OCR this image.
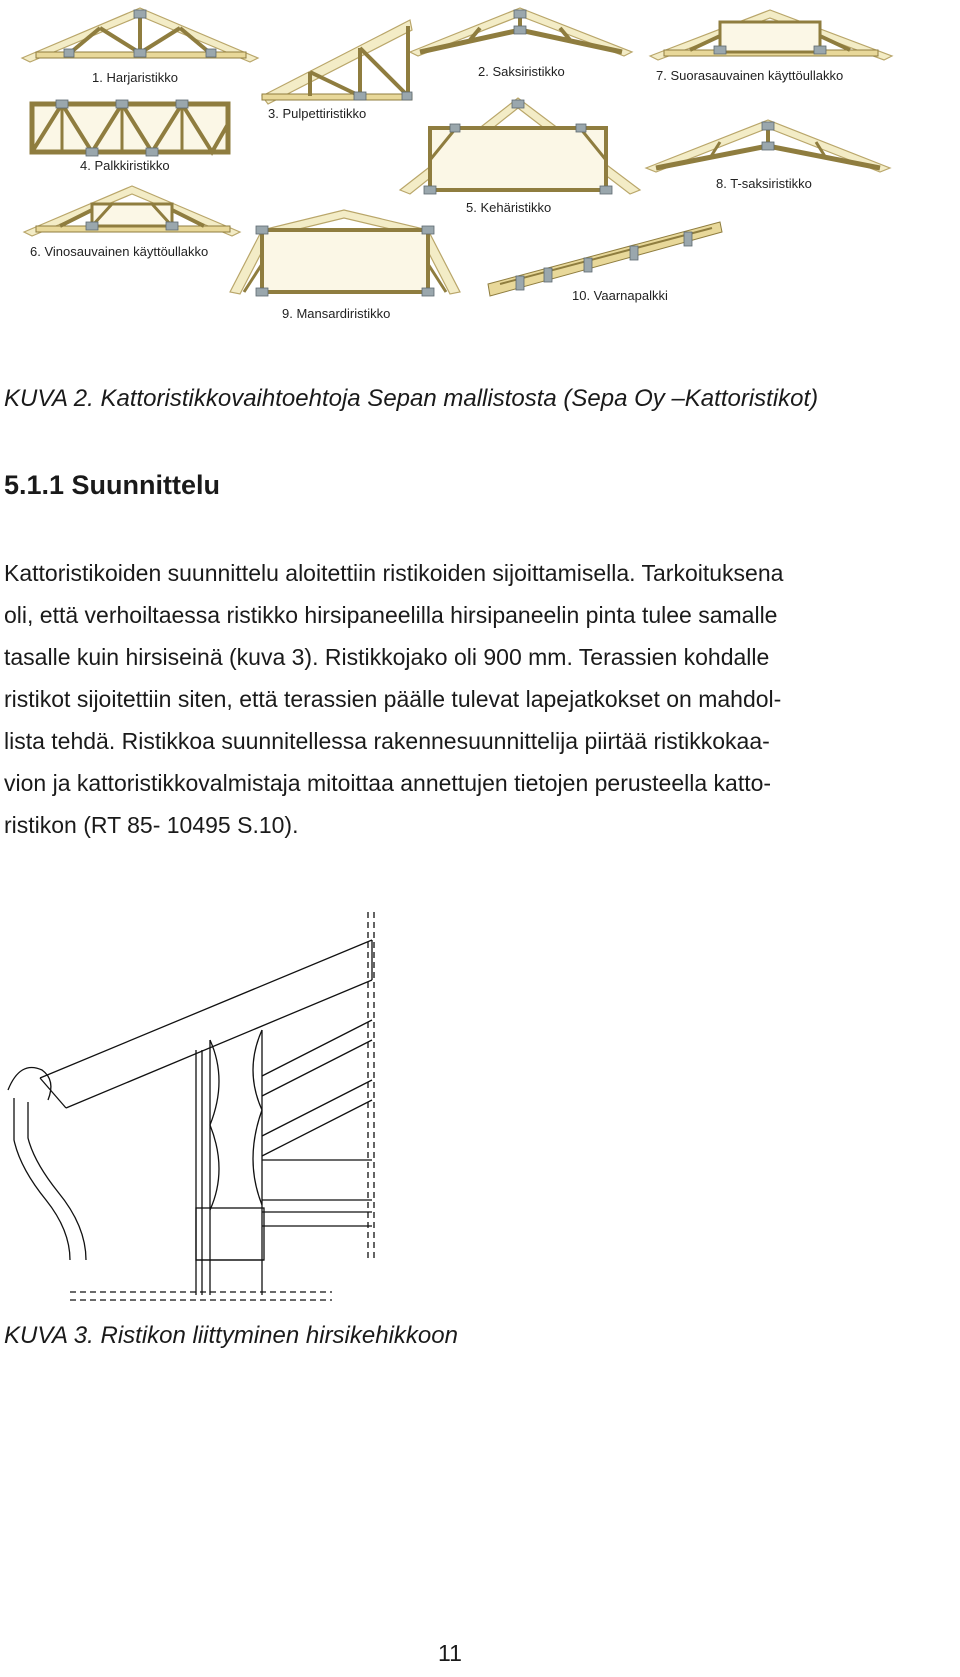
1. Harjaristikko	2. Saksiristikko	7. Suorasauvainen käyttöullakko
3. Pulpettiristikko
4. Palkkiristikko
5. Kehäristikko
8. T-saksiristikko
6. Vinosauvainen käyttöullakko
9. Mansardiristikko
10. Vaarnapalkki
KUVA 2. Kattoristikkovaihtoehtoja Sepan mallistosta (Sepa Oy –Kattoristikot)
5.1.1 Suunnittelu
Kattoristikoiden suunnittelu aloitettiin ristikoiden sijoittamisella. Tarkoituksena
oli, että verhoiltaessa ristikko hirsipaneelilla hirsipaneelin pinta tulee samalle
tasalle kuin hirsiseinä (kuva 3). Ristikkojako oli 900 mm. Terassien kohdalle
ristikot sijoitettiin siten, että terassien päälle tulevat lapejatkokset on mahdol-
lista tehdä. Ristikkoa suunnitellessa rakennesuunnittelija piirtää ristikkokaa-
vion ja kattoristikkovalmistaja mitoittaa annettujen tietojen perusteella katto-
ristikon (RT 85- 10495 S.10).
KUVA 3. Ristikon liittyminen hirsikehikkoon
11
